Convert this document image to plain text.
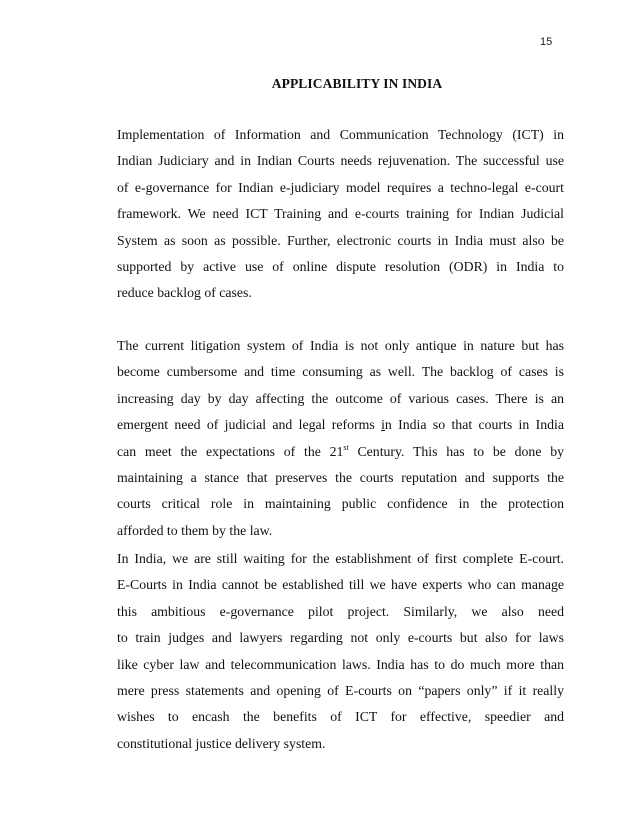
15
APPLICABILITY IN INDIA
Implementation of Information and Communication Technology (ICT) in
Indian Judiciary and in Indian Courts needs rejuvenation. The successful use
of e-governance for Indian e-judiciary model requires a techno-legal e-court
framework. We need ICT Training and e-courts training for Indian Judicial
System as soon as possible. Further, electronic courts in India must also be
supported by active use of online dispute resolution (ODR) in India to
reduce backlog of cases.
The current litigation system of India is not only antique in nature but has
become cumbersome and time consuming as well. The backlog of cases is
increasing day by day affecting the outcome of various cases. There is an
emergent need of judicial and legal reforms in India so that courts in India
can meet the expectations of the 21st Century. This has to be done by
maintaining a stance that preserves the courts reputation and supports the
courts critical role in maintaining public confidence in the protection
afforded to them by the law.
In India, we are still waiting for the establishment of first complete E-court.
E-Courts in India cannot be established till we have experts who can manage
this ambitious e-governance pilot project. Similarly, we also need
to train judges and lawyers regarding not only e-courts but also for laws
like cyber law and telecommunication laws. India has to do much more than
mere press statements and opening of E-courts on “papers only” if it really
wishes to encash the benefits of ICT for effective, speedier and
constitutional justice delivery system.
